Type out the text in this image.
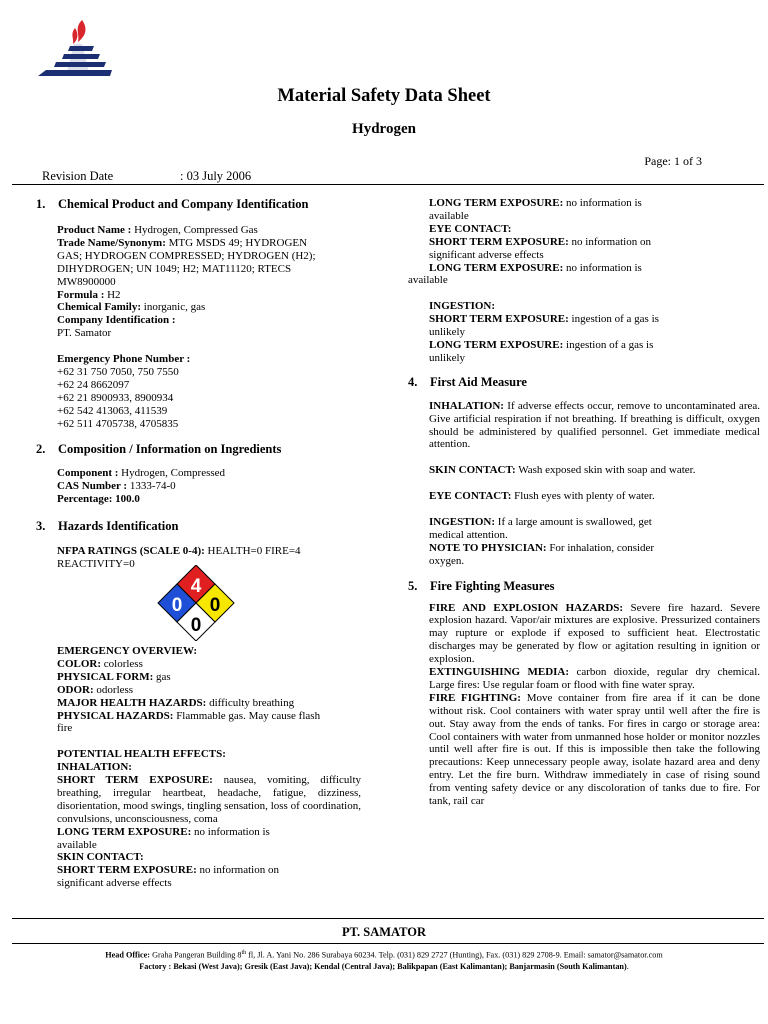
Material Safety Data Sheet
Hydrogen
Page: 1 of 3
Revision Date	: 03 July 2006
1. Chemical Product and Company Identification

Product Name : Hydrogen, Compressed Gas

Trade Name/Synonym: MTG MSDS 49; HYDROGEN

GAS; HYDROGEN COMPRESSED; HYDROGEN (H2);

DIHYDROGEN; UN 1049; H2; MAT11120; RTECS

MW8900000

Formula : H2

Chemical Family: inorganic, gas

Company Identification :

PT. Samator

Emergency Phone Number :

+62 31 750 7050, 750 7550

+62 24 8662097

+62 21 8900933, 8900934

+62 542 413063, 411539

+62 511 4705738, 4705835

2. Composition / Information on Ingredients

Component : Hydrogen, Compressed

CAS Number : 1333-74-0

Percentage: 100.0

3. Hazards Identification

NFPA RATINGS (SCALE 0-4): HEALTH=0 FIRE=4

REACTIVITY=0

4
0 0
0

EMERGENCY OVERVIEW:

COLOR: colorless

PHYSICAL FORM: gas

ODOR: odorless

MAJOR HEALTH HAZARDS: difficulty breathing

PHYSICAL HAZARDS: Flammable gas. May cause flash

fire

POTENTIAL HEALTH EFFECTS:

INHALATION:

SHORT TERM EXPOSURE: nausea, vomiting, difficulty breathing, irregular heartbeat, headache, fatigue, dizziness, disorientation, mood swings, tingling sensation, loss of coordination, convulsions, unconsciousness, coma

LONG TERM EXPOSURE: no information is

available

SKIN CONTACT:

SHORT TERM EXPOSURE: no information on

significant adverse effects

LONG TERM EXPOSURE: no information is

available

EYE CONTACT:

SHORT TERM EXPOSURE: no information on

significant adverse effects

LONG TERM EXPOSURE: no information is

available

INGESTION:

SHORT TERM EXPOSURE: ingestion of a gas is

unlikely

LONG TERM EXPOSURE: ingestion of a gas is

unlikely

4. First Aid Measure

INHALATION: If adverse effects occur, remove to uncontaminated area. Give artificial respiration if not breathing. If breathing is difficult, oxygen should be administered by qualified personnel. Get immediate medical attention.

SKIN CONTACT: Wash exposed skin with soap and water.

EYE CONTACT: Flush eyes with plenty of water.

INGESTION: If a large amount is swallowed, get

medical attention.

NOTE TO PHYSICIAN: For inhalation, consider

oxygen.

5. Fire Fighting Measures

FIRE AND EXPLOSION HAZARDS: Severe fire hazard. Severe explosion hazard. Vapor/air mixtures are explosive. Pressurized containers may rupture or explode if exposed to sufficient heat. Electrostatic discharges may be generated by flow or agitation resulting in ignition or explosion.

EXTINGUISHING MEDIA: carbon dioxide, regular dry chemical. Large fires: Use regular foam or flood with fine water spray.

FIRE FIGHTING: Move container from fire area if it can be done without risk. Cool containers with water spray until well after the fire is out. Stay away from the ends of tanks. For fires in cargo or storage area: Cool containers with water from unmanned hose holder or monitor nozzles until well after fire is out. If this is impossible then take the following precautions: Keep unnecessary people away, isolate hazard area and deny entry. Let the fire burn. Withdraw immediately in case of rising sound from venting safety device or any discoloration of tanks due to fire. For tank, rail car

PT. SAMATOR
Head Office: Graha Pangeran Building 8th fl, Jl. A. Yani No. 286 Surabaya 60234. Telp. (031) 829 2727 (Hunting), Fax. (031) 829 2708-9. Email: samator@samator.com
Factory : Bekasi (West Java); Gresik (East Java); Kendal (Central Java); Balikpapan (East Kalimantan); Banjarmasin (South Kalimantan).
